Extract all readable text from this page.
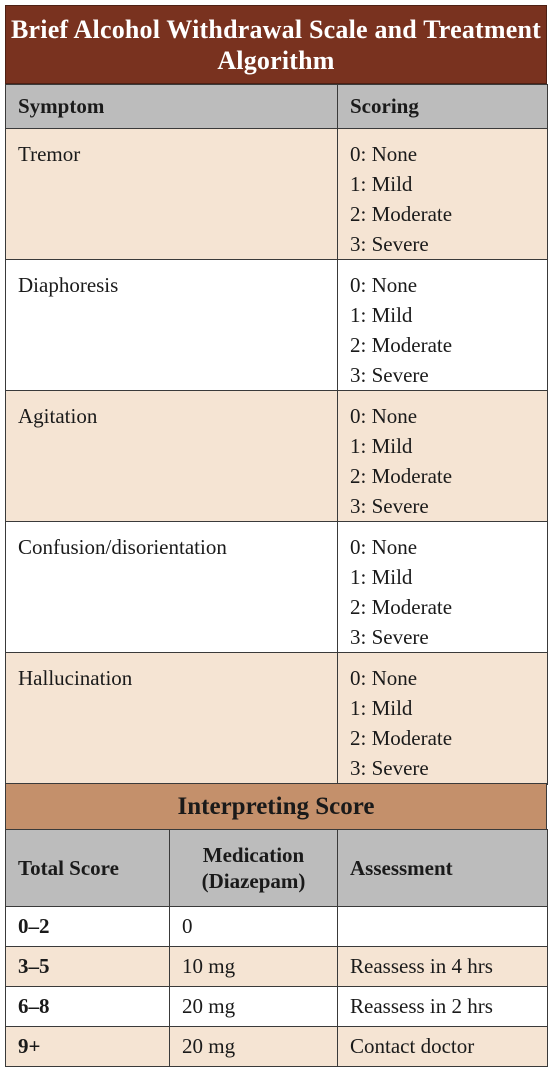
Brief Alcohol Withdrawal Scale and Treatment Algorithm
Symptom	Scoring
Tremor	0: None
1: Mild
2: Moderate
3: Severe

Diaphoresis	0: None
1: Mild
2: Moderate
3: Severe

Agitation	0: None
1: Mild
2: Moderate
3: Severe

Confusion/disorientation	0: None
1: Mild
2: Moderate
3: Severe

Hallucination	0: None
1: Mild
2: Moderate
3: Severe
Interpreting Score
Total Score	Medication (Diazepam)	Assessment
0–2	0	
3–5	10 mg	Reassess in 4 hrs
6–8	20 mg	Reassess in 2 hrs
9+	20 mg	Contact doctor
